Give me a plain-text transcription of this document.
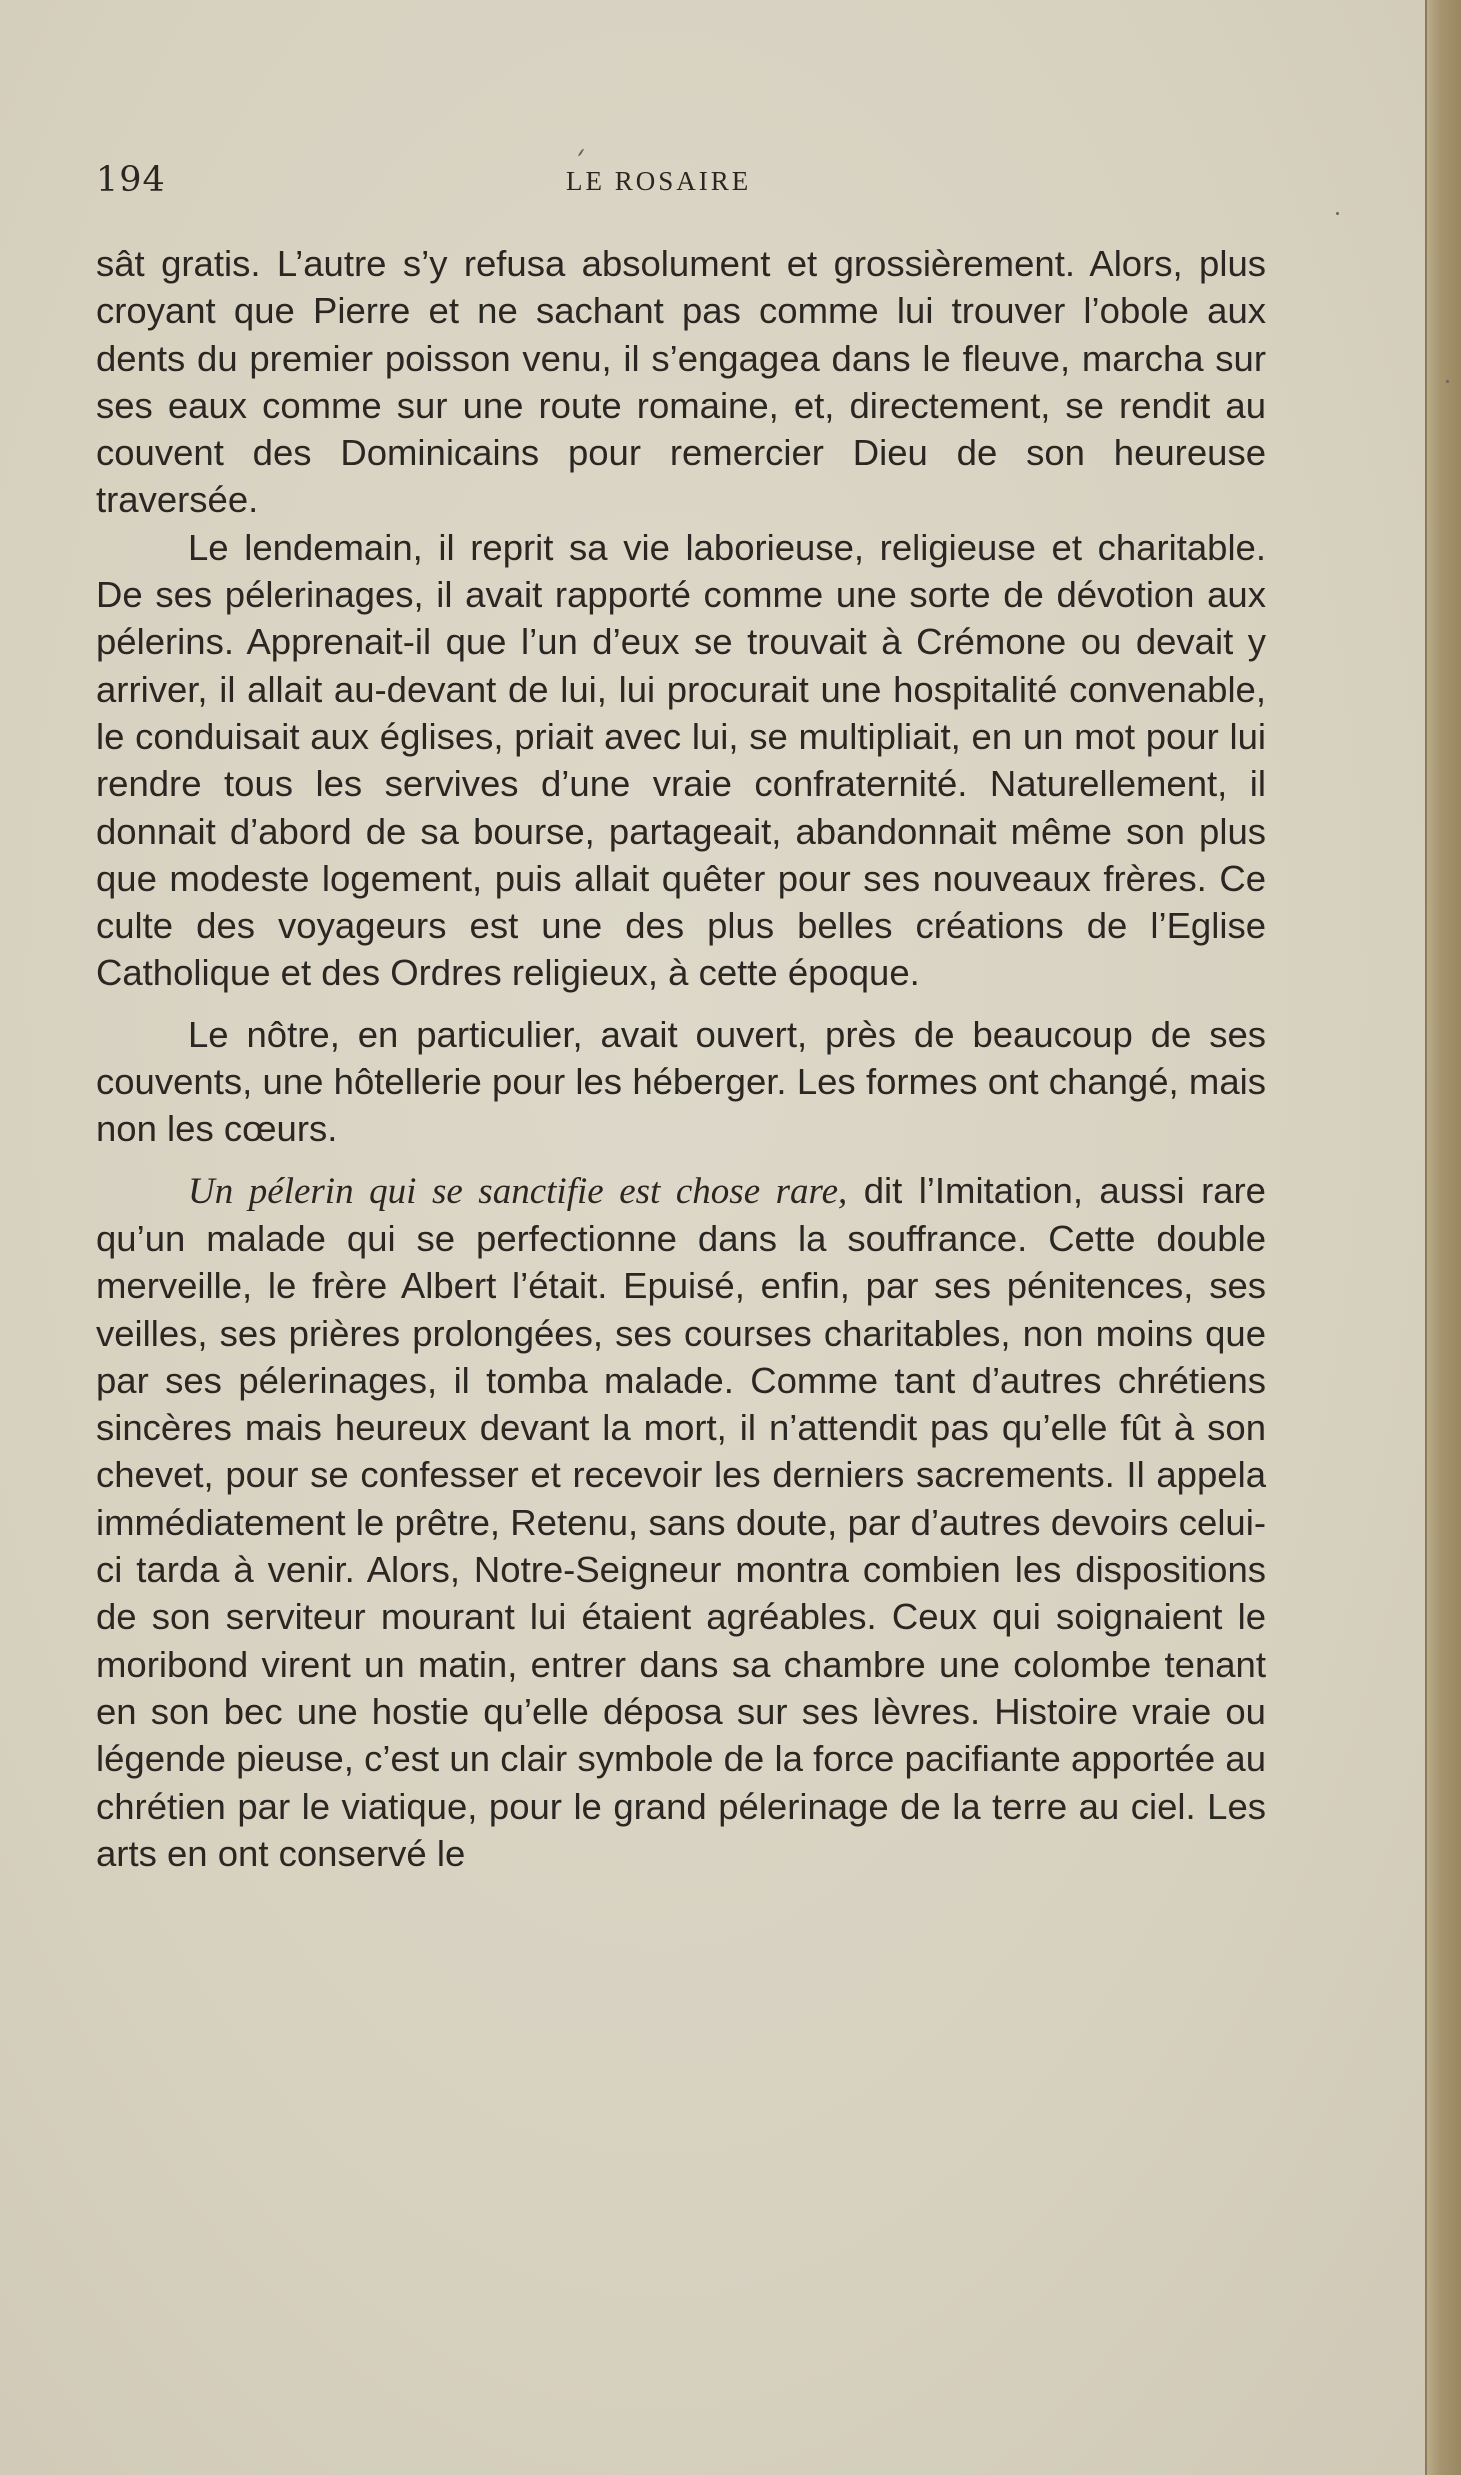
194	LE ROSAIRE

sât gratis. L’autre s’y refusa absolument et grossièrement. Alors, plus croyant que Pierre et ne sachant pas comme lui trouver l’obole aux dents du premier poisson venu, il s’engagea dans le fleuve, marcha sur ses eaux comme sur une route romaine, et, directement, se rendit au couvent des Dominicains pour remercier Dieu de son heureuse traversée.

Le lendemain, il reprit sa vie laborieuse, religieuse et charitable. De ses pélerinages, il avait rapporté comme une sorte de dévotion aux pélerins. Apprenait-il que l’un d’eux se trouvait à Crémone ou devait y arriver, il allait au-devant de lui, lui procurait une hospitalité convenable, le conduisait aux églises, priait avec lui, se multipliait, en un mot pour lui rendre tous les servives d’une vraie confraternité. Naturellement, il donnait d’abord de sa bourse, partageait, abandonnait même son plus que modeste logement, puis allait quêter pour ses nouveaux frères. Ce culte des voyageurs est une des plus belles créations de l’Eglise Catholique et des Ordres religieux, à cette époque.

Le nôtre, en particulier, avait ouvert, près de beaucoup de ses couvents, une hôtellerie pour les héberger. Les formes ont changé, mais non les cœurs.

Un pélerin qui se sanctifie est chose rare, dit l’Imitation, aussi rare qu’un malade qui se perfectionne dans la souffrance. Cette double merveille, le frère Albert l’était. Epuisé, enfin, par ses pénitences, ses veilles, ses prières prolongées, ses courses charitables, non moins que par ses pélerinages, il tomba malade. Comme tant d’autres chrétiens sincères mais heureux devant la mort, il n’attendit pas qu’elle fût à son chevet, pour se confesser et recevoir les derniers sacrements. Il appela immédiatement le prêtre, Retenu, sans doute, par d’autres devoirs celui-ci tarda à venir. Alors, Notre-Seigneur montra combien les dispositions de son serviteur mourant lui étaient agréables. Ceux qui soignaient le moribond virent un matin, entrer dans sa chambre une colombe tenant en son bec une hostie qu’elle déposa sur ses lèvres. Histoire vraie ou légende pieuse, c’est un clair symbole de la force pacifiante apportée au chrétien par le viatique, pour le grand pélerinage de la terre au ciel. Les arts en ont conservé le
